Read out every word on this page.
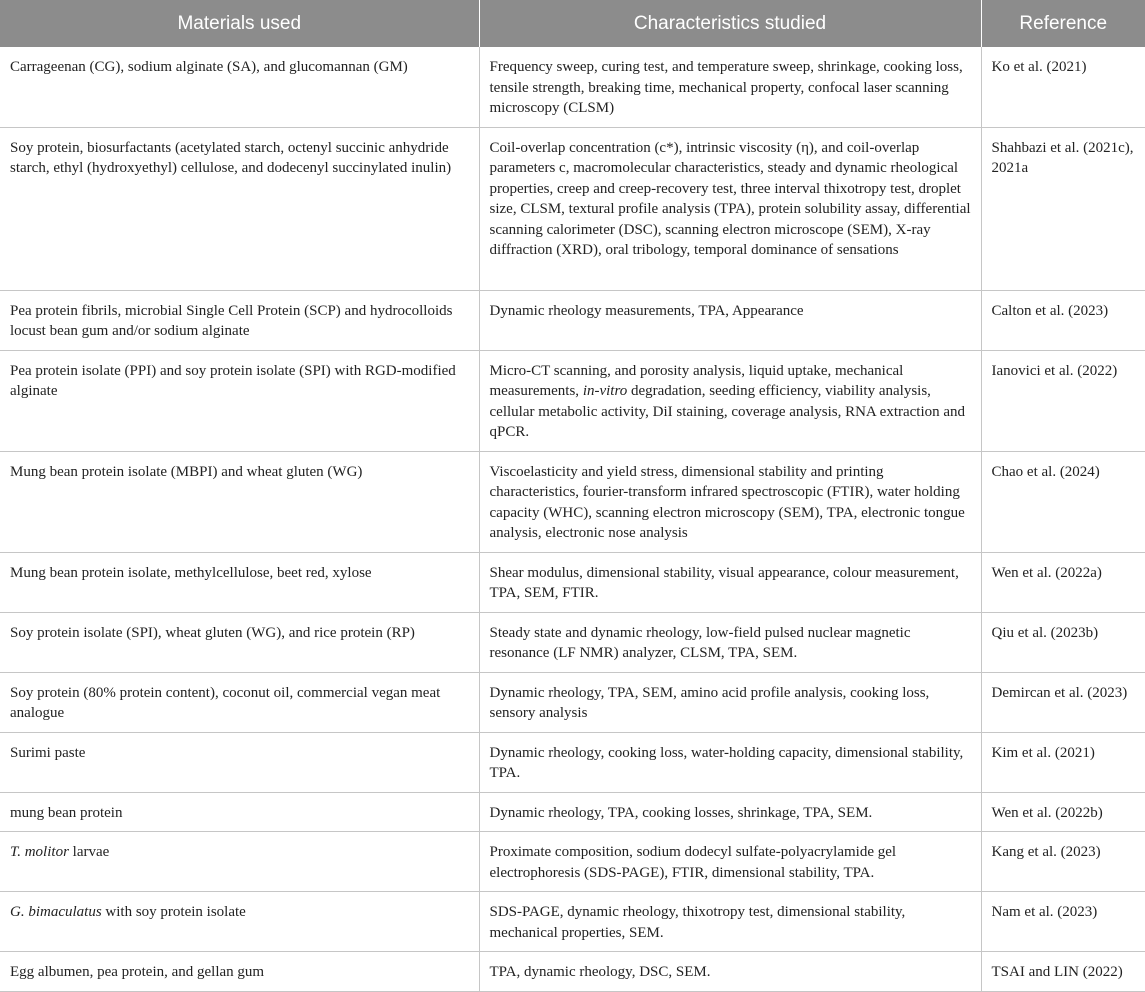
Materials used	Characteristics studied	Reference
Carrageenan (CG), sodium alginate (SA), and glucomannan (GM)	Frequency sweep, curing test, and temperature sweep, shrinkage, cooking loss, tensile strength, breaking time, mechanical property, confocal laser scanning microscopy (CLSM)	Ko et al. (2021)
Soy protein, biosurfactants (acetylated starch, octenyl succinic anhydride starch, ethyl (hydroxyethyl) cellulose, and dodecenyl succinylated inulin)	Coil-overlap concentration (c*), intrinsic viscosity (η), and coil-overlap parameters c, macromolecular characteristics, steady and dynamic rheological properties, creep and creep-recovery test, three interval thixotropy test, droplet size, CLSM, textural profile analysis (TPA), protein solubility assay, differential scanning calorimeter (DSC), scanning electron microscope (SEM), X-ray diffraction (XRD), oral tribology, temporal dominance of sensations	Shahbazi et al. (2021c), 2021a
Pea protein fibrils, microbial Single Cell Protein (SCP) and hydrocolloids locust bean gum and/or sodium alginate	Dynamic rheology measurements, TPA, Appearance	Calton et al. (2023)
Pea protein isolate (PPI) and soy protein isolate (SPI) with RGD-modified alginate	Micro-CT scanning, and porosity analysis, liquid uptake, mechanical measurements, in-vitro degradation, seeding efficiency, viability analysis, cellular metabolic activity, DiI staining, coverage analysis, RNA extraction and qPCR.	Ianovici et al. (2022)
Mung bean protein isolate (MBPI) and wheat gluten (WG)	Viscoelasticity and yield stress, dimensional stability and printing characteristics, fourier-transform infrared spectroscopic (FTIR), water holding capacity (WHC), scanning electron microscopy (SEM), TPA, electronic tongue analysis, electronic nose analysis	Chao et al. (2024)
Mung bean protein isolate, methylcellulose, beet red, xylose	Shear modulus, dimensional stability, visual appearance, colour measurement, TPA, SEM, FTIR.	Wen et al. (2022a)
Soy protein isolate (SPI), wheat gluten (WG), and rice protein (RP)	Steady state and dynamic rheology, low-field pulsed nuclear magnetic resonance (LF NMR) analyzer, CLSM, TPA, SEM.	Qiu et al. (2023b)
Soy protein (80% protein content), coconut oil, commercial vegan meat analogue	Dynamic rheology, TPA, SEM, amino acid profile analysis, cooking loss, sensory analysis	Demircan et al. (2023)
Surimi paste	Dynamic rheology, cooking loss, water-holding capacity, dimensional stability, TPA.	Kim et al. (2021)
mung bean protein	Dynamic rheology, TPA, cooking losses, shrinkage, TPA, SEM.	Wen et al. (2022b)
T. molitor larvae	Proximate composition, sodium dodecyl sulfate-polyacrylamide gel electrophoresis (SDS-PAGE), FTIR, dimensional stability, TPA.	Kang et al. (2023)
G. bimaculatus with soy protein isolate	SDS-PAGE, dynamic rheology, thixotropy test, dimensional stability, mechanical properties, SEM.	Nam et al. (2023)
Egg albumen, pea protein, and gellan gum	TPA, dynamic rheology, DSC, SEM.	TSAI and LIN (2022)
